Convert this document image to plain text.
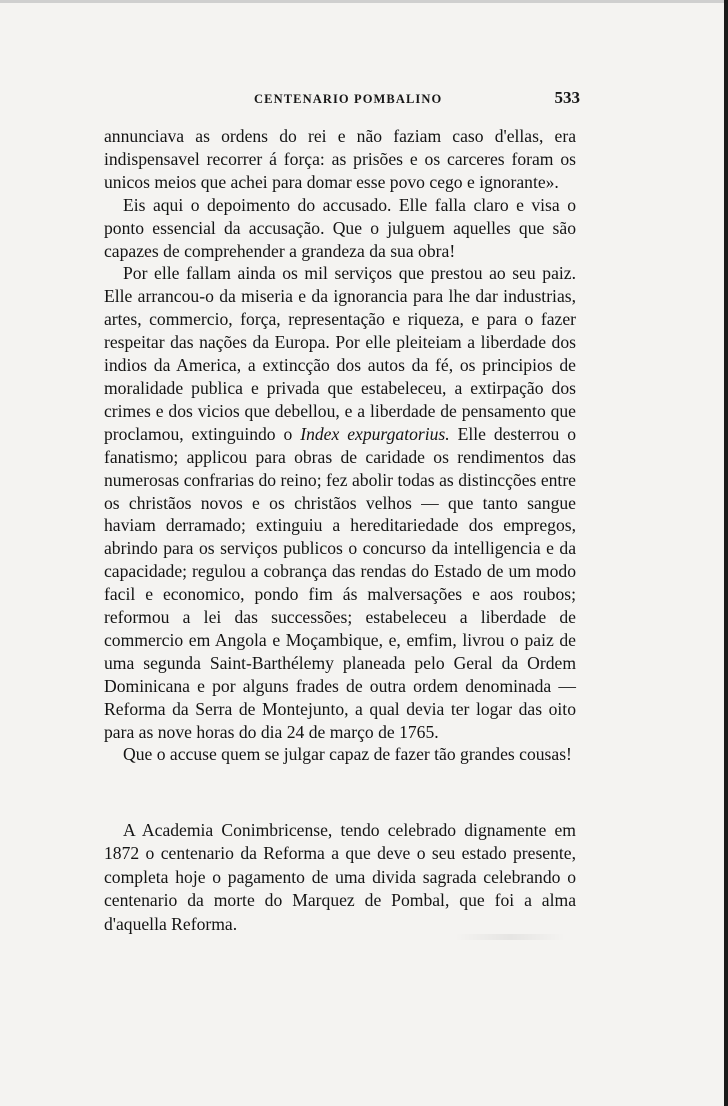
CENTENARIO POMBALINO	533

annunciava as ordens do rei e não faziam caso d'ellas, era indispensavel recorrer á força: as prisões e os carceres foram os unicos meios que achei para domar esse povo cego e ignorante».

Eis aqui o depoimento do accusado. Elle falla claro e visa o ponto essencial da accusação. Que o julguem aquelles que são capazes de comprehender a grandeza da sua obra!

Por elle fallam ainda os mil serviços que prestou ao seu paiz. Elle arrancou-o da miseria e da ignorancia para lhe dar industrias, artes, commercio, força, representação e riqueza, e para o fazer respeitar das nações da Europa. Por elle pleiteiam a liberdade dos indios da America, a extincção dos autos da fé, os principios de moralidade publica e privada que estabeleceu, a extirpação dos crimes e dos vicios que debellou, e a liberdade de pensamento que proclamou, extinguindo o Index expurgatorius. Elle desterrou o fanatismo; applicou para obras de caridade os rendimentos das numerosas confrarias do reino; fez abolir todas as distincções entre os christãos novos e os christãos velhos — que tanto sangue haviam derramado; extinguiu a hereditariedade dos empregos, abrindo para os serviços publicos o concurso da intelligencia e da capacidade; regulou a cobrança das rendas do Estado de um modo facil e economico, pondo fim ás malversações e aos roubos; reformou a lei das successões; estabeleceu a liberdade de commercio em Angola e Moçambique, e, emfim, livrou o paiz de uma segunda Saint-Barthélemy planeada pelo Geral da Ordem Dominicana e por alguns frades de outra ordem denominada — Reforma da Serra de Montejunto, a qual devia ter logar das oito para as nove horas do dia 24 de março de 1765.

Que o accuse quem se julgar capaz de fazer tão grandes cousas!

A Academia Conimbricense, tendo celebrado dignamente em 1872 o centenario da Reforma a que deve o seu estado presente, completa hoje o pagamento de uma divida sagrada celebrando o centenario da morte do Marquez de Pombal, que foi a alma d'aquella Reforma.
